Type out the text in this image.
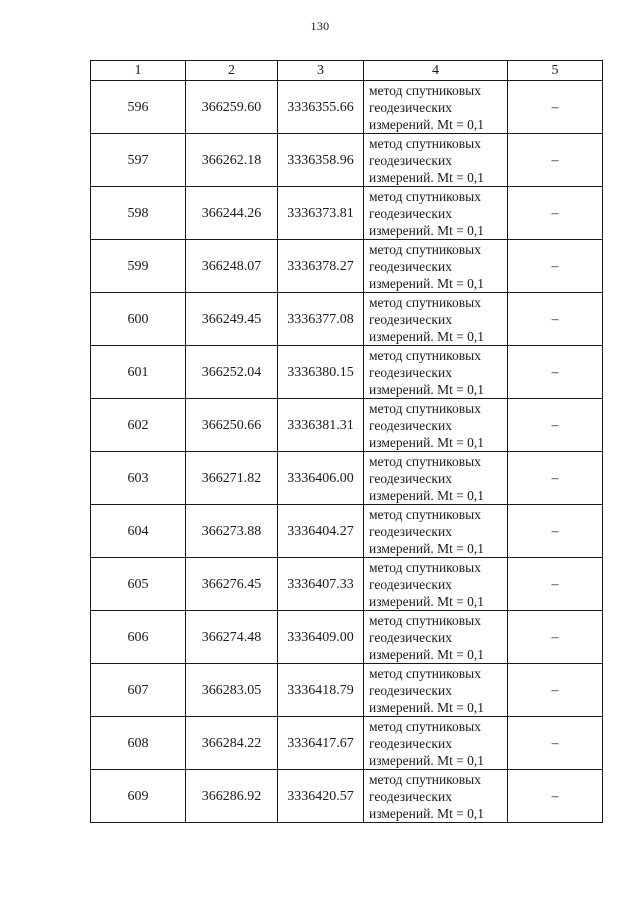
130
1	2	3	4	5
596	366259.60	3336355.66	метод спутниковых
геодезических
измерений. Mt = 0,1	–
597	366262.18	3336358.96	метод спутниковых
геодезических
измерений. Mt = 0,1	–
598	366244.26	3336373.81	метод спутниковых
геодезических
измерений. Mt = 0,1	–
599	366248.07	3336378.27	метод спутниковых
геодезических
измерений. Mt = 0,1	–
600	366249.45	3336377.08	метод спутниковых
геодезических
измерений. Mt = 0,1	–
601	366252.04	3336380.15	метод спутниковых
геодезических
измерений. Mt = 0,1	–
602	366250.66	3336381.31	метод спутниковых
геодезических
измерений. Mt = 0,1	–
603	366271.82	3336406.00	метод спутниковых
геодезических
измерений. Mt = 0,1	–
604	366273.88	3336404.27	метод спутниковых
геодезических
измерений. Mt = 0,1	–
605	366276.45	3336407.33	метод спутниковых
геодезических
измерений. Mt = 0,1	–
606	366274.48	3336409.00	метод спутниковых
геодезических
измерений. Mt = 0,1	–
607	366283.05	3336418.79	метод спутниковых
геодезических
измерений. Mt = 0,1	–
608	366284.22	3336417.67	метод спутниковых
геодезических
измерений. Mt = 0,1	–
609	366286.92	3336420.57	метод спутниковых
геодезических
измерений. Mt = 0,1	–
